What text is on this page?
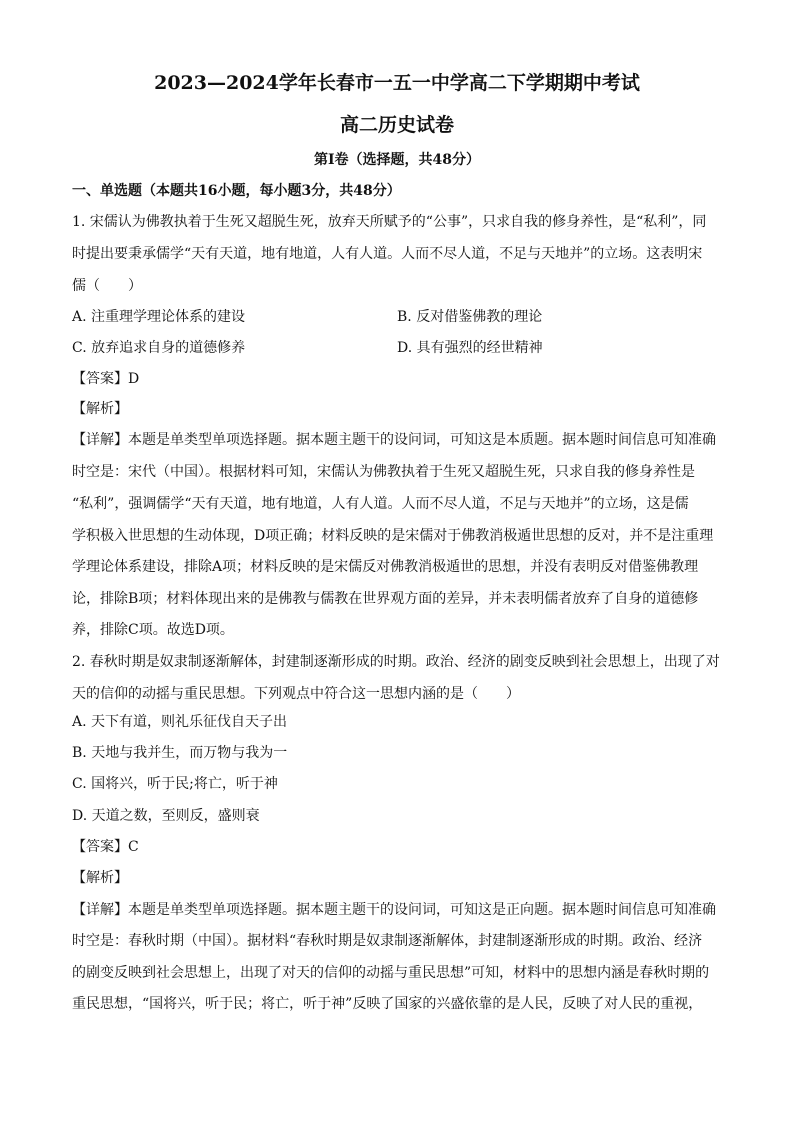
2023—2024学年长春市一五一中学高二下学期期中考试
高二历史试卷
第Ⅰ卷（选择题，共48分）
一、单选题（本题共16小题，每小题3分，共48分）
1. 宋儒认为佛教执着于生死又超脱生死，放弃天所赋予的“公事”，只求自我的修身养性，是“私利”，同
时提出要秉承儒学“天有天道，地有地道，人有人道。人而不尽人道，不足与天地并”的立场。这表明宋
儒（　　）
A. 注重理学理论体系的建设	B. 反对借鉴佛教的理论
C. 放弃追求自身的道德修养	D. 具有强烈的经世精神
【答案】D
【解析】
【详解】本题是单类型单项选择题。据本题主题干的设问词，可知这是本质题。据本题时间信息可知准确
时空是：宋代（中国）。根据材料可知，宋儒认为佛教执着于生死又超脱生死，只求自我的修身养性是
“私利”，强调儒学“天有天道，地有地道，人有人道。人而不尽人道，不足与天地并”的立场，这是儒
学积极入世思想的生动体现，D项正确；材料反映的是宋儒对于佛教消极遁世思想的反对，并不是注重理
学理论体系建设，排除A项；材料反映的是宋儒反对佛教消极遁世的思想，并没有表明反对借鉴佛教理
论，排除B项；材料体现出来的是佛教与儒教在世界观方面的差异，并未表明儒者放弃了自身的道德修
养，排除C项。故选D项。
2. 春秋时期是奴隶制逐渐解体，封建制逐渐形成的时期。政治、经济的剧变反映到社会思想上，出现了对
天的信仰的动摇与重民思想。下列观点中符合这一思想内涵的是（　　）
A. 天下有道，则礼乐征伐自天子出
B. 天地与我并生，而万物与我为一
C. 国将兴，听于民;将亡，听于神
D. 天道之数，至则反，盛则衰
【答案】C
【解析】
【详解】本题是单类型单项选择题。据本题主题干的设问词，可知这是正向题。据本题时间信息可知准确
时空是：春秋时期（中国）。据材料“春秋时期是奴隶制逐渐解体，封建制逐渐形成的时期。政治、经济
的剧变反映到社会思想上，出现了对天的信仰的动摇与重民思想”可知，材料中的思想内涵是春秋时期的
重民思想，“国将兴，听于民；将亡，听于神”反映了国家的兴盛依靠的是人民，反映了对人民的重视，
